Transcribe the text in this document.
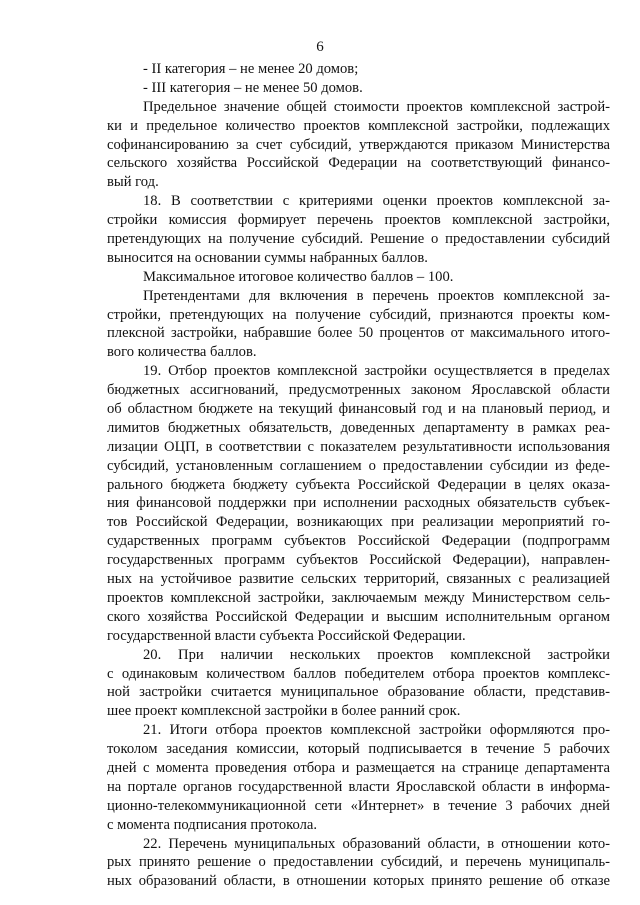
6
- II категория – не менее 20 домов;
- III категория – не менее 50 домов.
Предельное значение общей стоимости проектов комплексной застрой-
ки и предельное количество проектов комплексной застройки, подлежащих
софинансированию за счет субсидий, утверждаются приказом Министерства
сельского хозяйства Российской Федерации на соответствующий финансо-
вый год.
18. В соответствии с критериями оценки проектов комплексной за-
стройки комиссия формирует перечень проектов комплексной застройки,
претендующих на получение субсидий. Решение о предоставлении субсидий
выносится на основании суммы набранных баллов.
Максимальное итоговое количество баллов – 100.
Претендентами для включения в перечень проектов комплексной за-
стройки, претендующих на получение субсидий, признаются проекты ком-
плексной застройки, набравшие более 50 процентов от максимального итого-
вого количества баллов.
19. Отбор проектов комплексной застройки осуществляется в пределах
бюджетных ассигнований, предусмотренных законом Ярославской области
об областном бюджете на текущий финансовый год и на плановый период, и
лимитов бюджетных обязательств, доведенных департаменту в рамках реа-
лизации ОЦП, в соответствии с показателем результативности использования
субсидий, установленным соглашением о предоставлении субсидии из феде-
рального бюджета бюджету субъекта Российской Федерации в целях оказа-
ния финансовой поддержки при исполнении расходных обязательств субъек-
тов Российской Федерации, возникающих при реализации мероприятий го-
сударственных программ субъектов Российской Федерации (подпрограмм
государственных программ субъектов Российской Федерации), направлен-
ных на устойчивое развитие сельских территорий, связанных с реализацией
проектов комплексной застройки, заключаемым между Министерством сель-
ского хозяйства Российской Федерации и высшим исполнительным органом
государственной власти субъекта Российской Федерации.
20. При наличии нескольких проектов комплексной застройки
с одинаковым количеством баллов победителем отбора проектов комплекс-
ной застройки считается муниципальное образование области, представив-
шее проект комплексной застройки в более ранний срок.
21. Итоги отбора проектов комплексной застройки оформляются про-
токолом заседания комиссии, который подписывается в течение 5 рабочих
дней с момента проведения отбора и размещается на странице департамента
на портале органов государственной власти Ярославской области в информа-
ционно-телекоммуникационной сети «Интернет» в течение 3 рабочих дней
с момента подписания протокола.
22. Перечень муниципальных образований области, в отношении кото-
рых принято решение о предоставлении субсидий, и перечень муниципаль-
ных образований области, в отношении которых принято решение об отказе
